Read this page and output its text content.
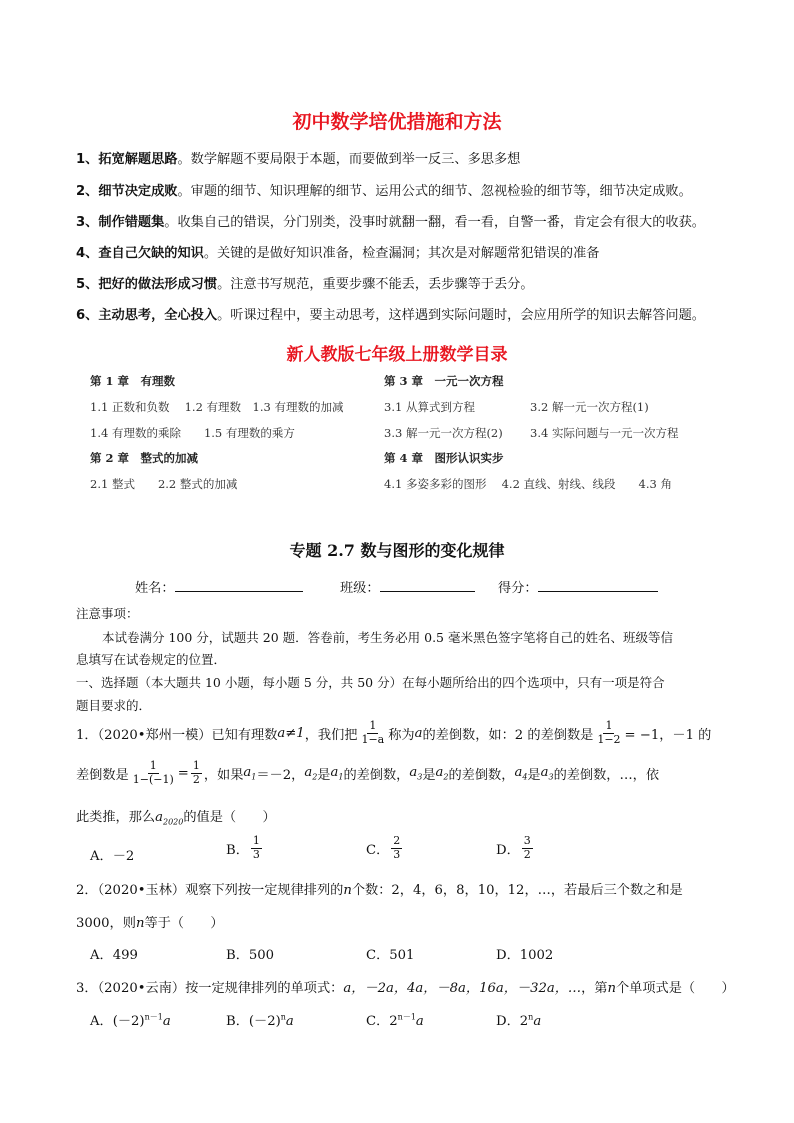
初中数学培优措施和方法
1、拓宽解题思路。数学解题不要局限于本题，而要做到举一反三、多思多想
2、细节决定成败。审题的细节、知识理解的细节、运用公式的细节、忽视检验的细节等，细节决定成败。
3、制作错题集。收集自己的错误，分门别类，没事时就翻一翻，看一看，自警一番，肯定会有很大的收获。
4、查自己欠缺的知识。关键的是做好知识准备，检查漏洞；其次是对解题常犯错误的准备
5、把好的做法形成习惯。注意书写规范，重要步骤不能丢，丢步骤等于丢分。
6、主动思考，全心投入。听课过程中，要主动思考，这样遇到实际问题时，会应用所学的知识去解答问题。
新人教版七年级上册数学目录
第 1 章　有理数
1.1 正数和负数　 1.2 有理数　1.3 有理数的加减
1.4 有理数的乘除　　1.5 有理数的乘方
第 2 章　整式的加减
2.1 整式　　2.2 整式的加减
第 3 章　一元一次方程
3.1 从算式到方程	3.2 解一元一次方程(1)
3.3 解一元一次方程(2) 3.4 实际问题与一元一次方程
第 4 章　图形认识实步
4.1 多姿多彩的图形　 4.2 直线、射线、线段　　4.3 角
专题 2.7 数与图形的变化规律
姓名：	班级：	得分：
注意事项：
本试卷满分 100 分，试题共 20 题．答卷前，考生务必用 0.5 毫米黑色签字笔将自己的姓名、班级等信
息填写在试卷规定的位置．
一、选择题（本大题共 10 小题，每小题 5 分，共 50 分）在每小题所给出的四个选项中，只有一项是符合
题目要求的．
1．（2020•郑州一模）已知有理数 a≠1 ，我们把 $\frac{1}{1-a}$ 称为 a 的差倒数，如：2 的差倒数是 $\frac{1}{1-2} = -1$，－1 的
差倒数是 $\frac{1}{1-(-1)} = \frac{1}{2}$ ，如果 $a_1 =-2$， $a_2$ 是 $a_1$ 的差倒数， $a_3$ 是 $a_2$ 的差倒数， $a_4$ 是 $a_3$ 的差倒数，…，依
此类推，那么$a_{2020}$的值是（　　）
A．－2	B． $\frac{1}{3}$	C． $\frac{2}{3}$	D． $\frac{3}{2}$
2．（2020•玉林）观察下列按一定规律排列的n个数：2，4，6，8，10，12，…，若最后三个数之和是
3000，则n等于（　　）
A．499	B．500	C．501	D．1002
3．（2020•云南）按一定规律排列的单项式：a，－2a，4a，－8a，16a，－32a，…，第n个单项式是（　　）
A．$(-2)^{n-1}a$	B．$(-2)^na$	C．$2^{n-1}a$	D．2$^n$a
